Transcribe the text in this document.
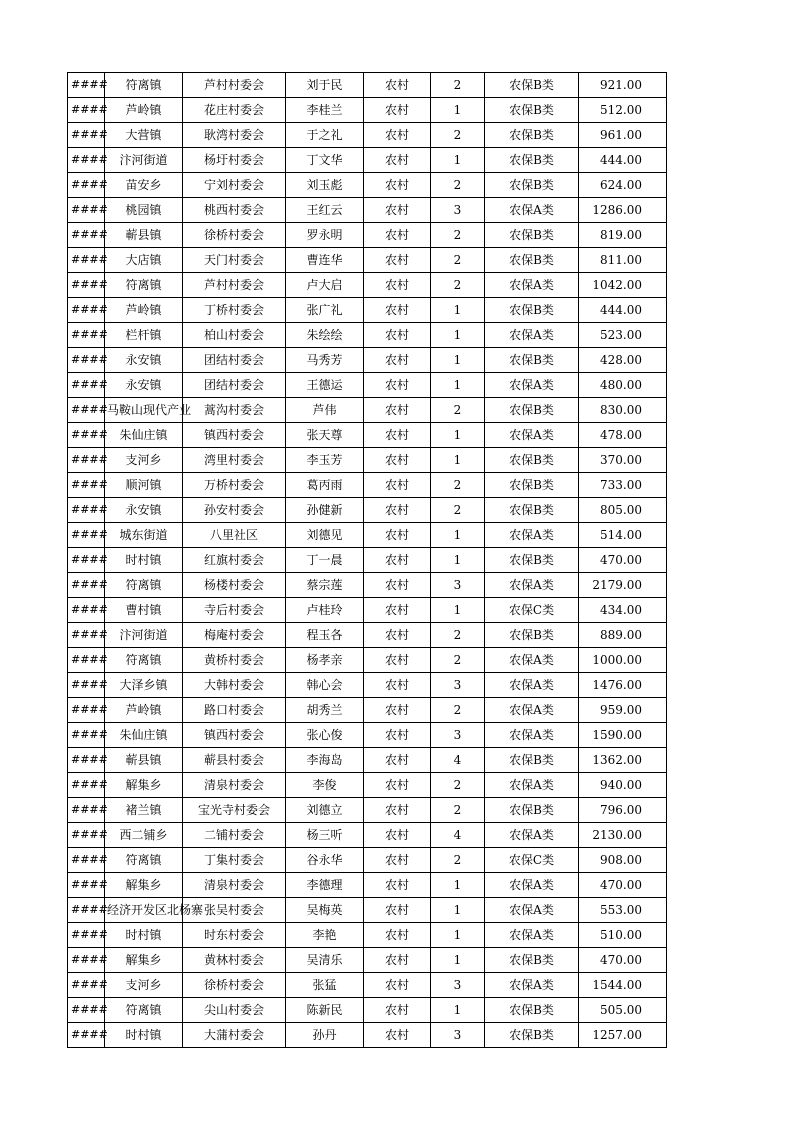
####	符离镇	芦村村委会	刘于民	农村	2	农保B类	921.00
####	芦岭镇	花庄村委会	李桂兰	农村	1	农保B类	512.00
####	大营镇	耿湾村委会	于之礼	农村	2	农保B类	961.00
####	汴河街道	杨圩村委会	丁文华	农村	1	农保B类	444.00
####	苗安乡	宁刘村委会	刘玉彪	农村	2	农保B类	624.00
####	桃园镇	桃西村委会	王红云	农村	3	农保A类	1286.00
####	蕲县镇	徐桥村委会	罗永明	农村	2	农保B类	819.00
####	大店镇	天门村委会	曹连华	农村	2	农保B类	811.00
####	符离镇	芦村村委会	卢大启	农村	2	农保A类	1042.00
####	芦岭镇	丁桥村委会	张广礼	农村	1	农保B类	444.00
####	栏杆镇	柏山村委会	朱绘绘	农村	1	农保A类	523.00
####	永安镇	团结村委会	马秀芳	农村	1	农保B类	428.00
####	永安镇	团结村委会	王德运	农村	1	农保A类	480.00
####	马鞍山现代产业	蒿沟村委会	芦伟	农村	2	农保B类	830.00
####	朱仙庄镇	镇西村委会	张天尊	农村	1	农保A类	478.00
####	支河乡	湾里村委会	李玉芳	农村	1	农保B类	370.00
####	顺河镇	万桥村委会	葛丙雨	农村	2	农保B类	733.00
####	永安镇	孙安村委会	孙健新	农村	2	农保B类	805.00
####	城东街道	八里社区	刘德见	农村	1	农保A类	514.00
####	时村镇	红旗村委会	丁一晨	农村	1	农保B类	470.00
####	符离镇	杨楼村委会	蔡宗莲	农村	3	农保A类	2179.00
####	曹村镇	寺后村委会	卢桂玲	农村	1	农保C类	434.00
####	汴河街道	梅庵村委会	程玉各	农村	2	农保B类	889.00
####	符离镇	黄桥村委会	杨孝亲	农村	2	农保A类	1000.00
####	大泽乡镇	大韩村委会	韩心会	农村	3	农保A类	1476.00
####	芦岭镇	路口村委会	胡秀兰	农村	2	农保A类	959.00
####	朱仙庄镇	镇西村委会	张心俊	农村	3	农保A类	1590.00
####	蕲县镇	蕲县村委会	李海岛	农村	4	农保B类	1362.00
####	解集乡	清泉村委会	李俊	农村	2	农保A类	940.00
####	褚兰镇	宝光寺村委会	刘德立	农村	2	农保B类	796.00
####	西二铺乡	二铺村委会	杨三听	农村	4	农保A类	2130.00
####	符离镇	丁集村委会	谷永华	农村	2	农保C类	908.00
####	解集乡	清泉村委会	李德理	农村	1	农保A类	470.00
####	经济开发区北杨寨	张吴村委会	吴梅英	农村	1	农保A类	553.00
####	时村镇	时东村委会	李艳	农村	1	农保A类	510.00
####	解集乡	黄林村委会	吴清乐	农村	1	农保B类	470.00
####	支河乡	徐桥村委会	张猛	农村	3	农保A类	1544.00
####	符离镇	尖山村委会	陈新民	农村	1	农保B类	505.00
####	时村镇	大蒲村委会	孙丹	农村	3	农保B类	1257.00
